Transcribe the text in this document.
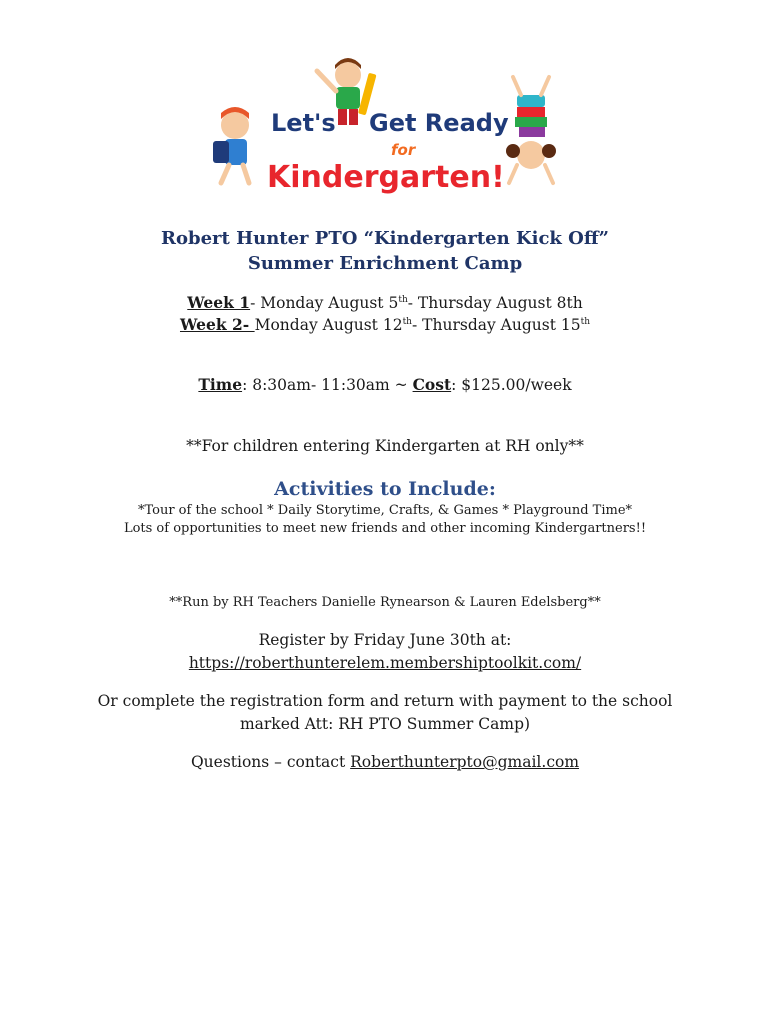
Let's Get Ready
for
Kindergarten!
Robert Hunter PTO “Kindergarten Kick Off”
Summer Enrichment Camp
Week 1- Monday August 5th- Thursday August 8th
Week 2- Monday August 12th- Thursday August 15th
Time: 8:30am- 11:30am ~ Cost: $125.00/week
**For children entering Kindergarten at RH only**
Activities to Include:
*Tour of the school * Daily Storytime, Crafts, & Games * Playground Time*
Lots of opportunities to meet new friends and other incoming Kindergartners!!
**Run by RH Teachers Danielle Rynearson & Lauren Edelsberg**
Register by Friday June 30th at:
https://roberthunterelem.membershiptoolkit.com/
Or complete the registration form and return with payment to the school
marked Att: RH PTO Summer Camp)
Questions – contact Roberthunterpto@gmail.com
